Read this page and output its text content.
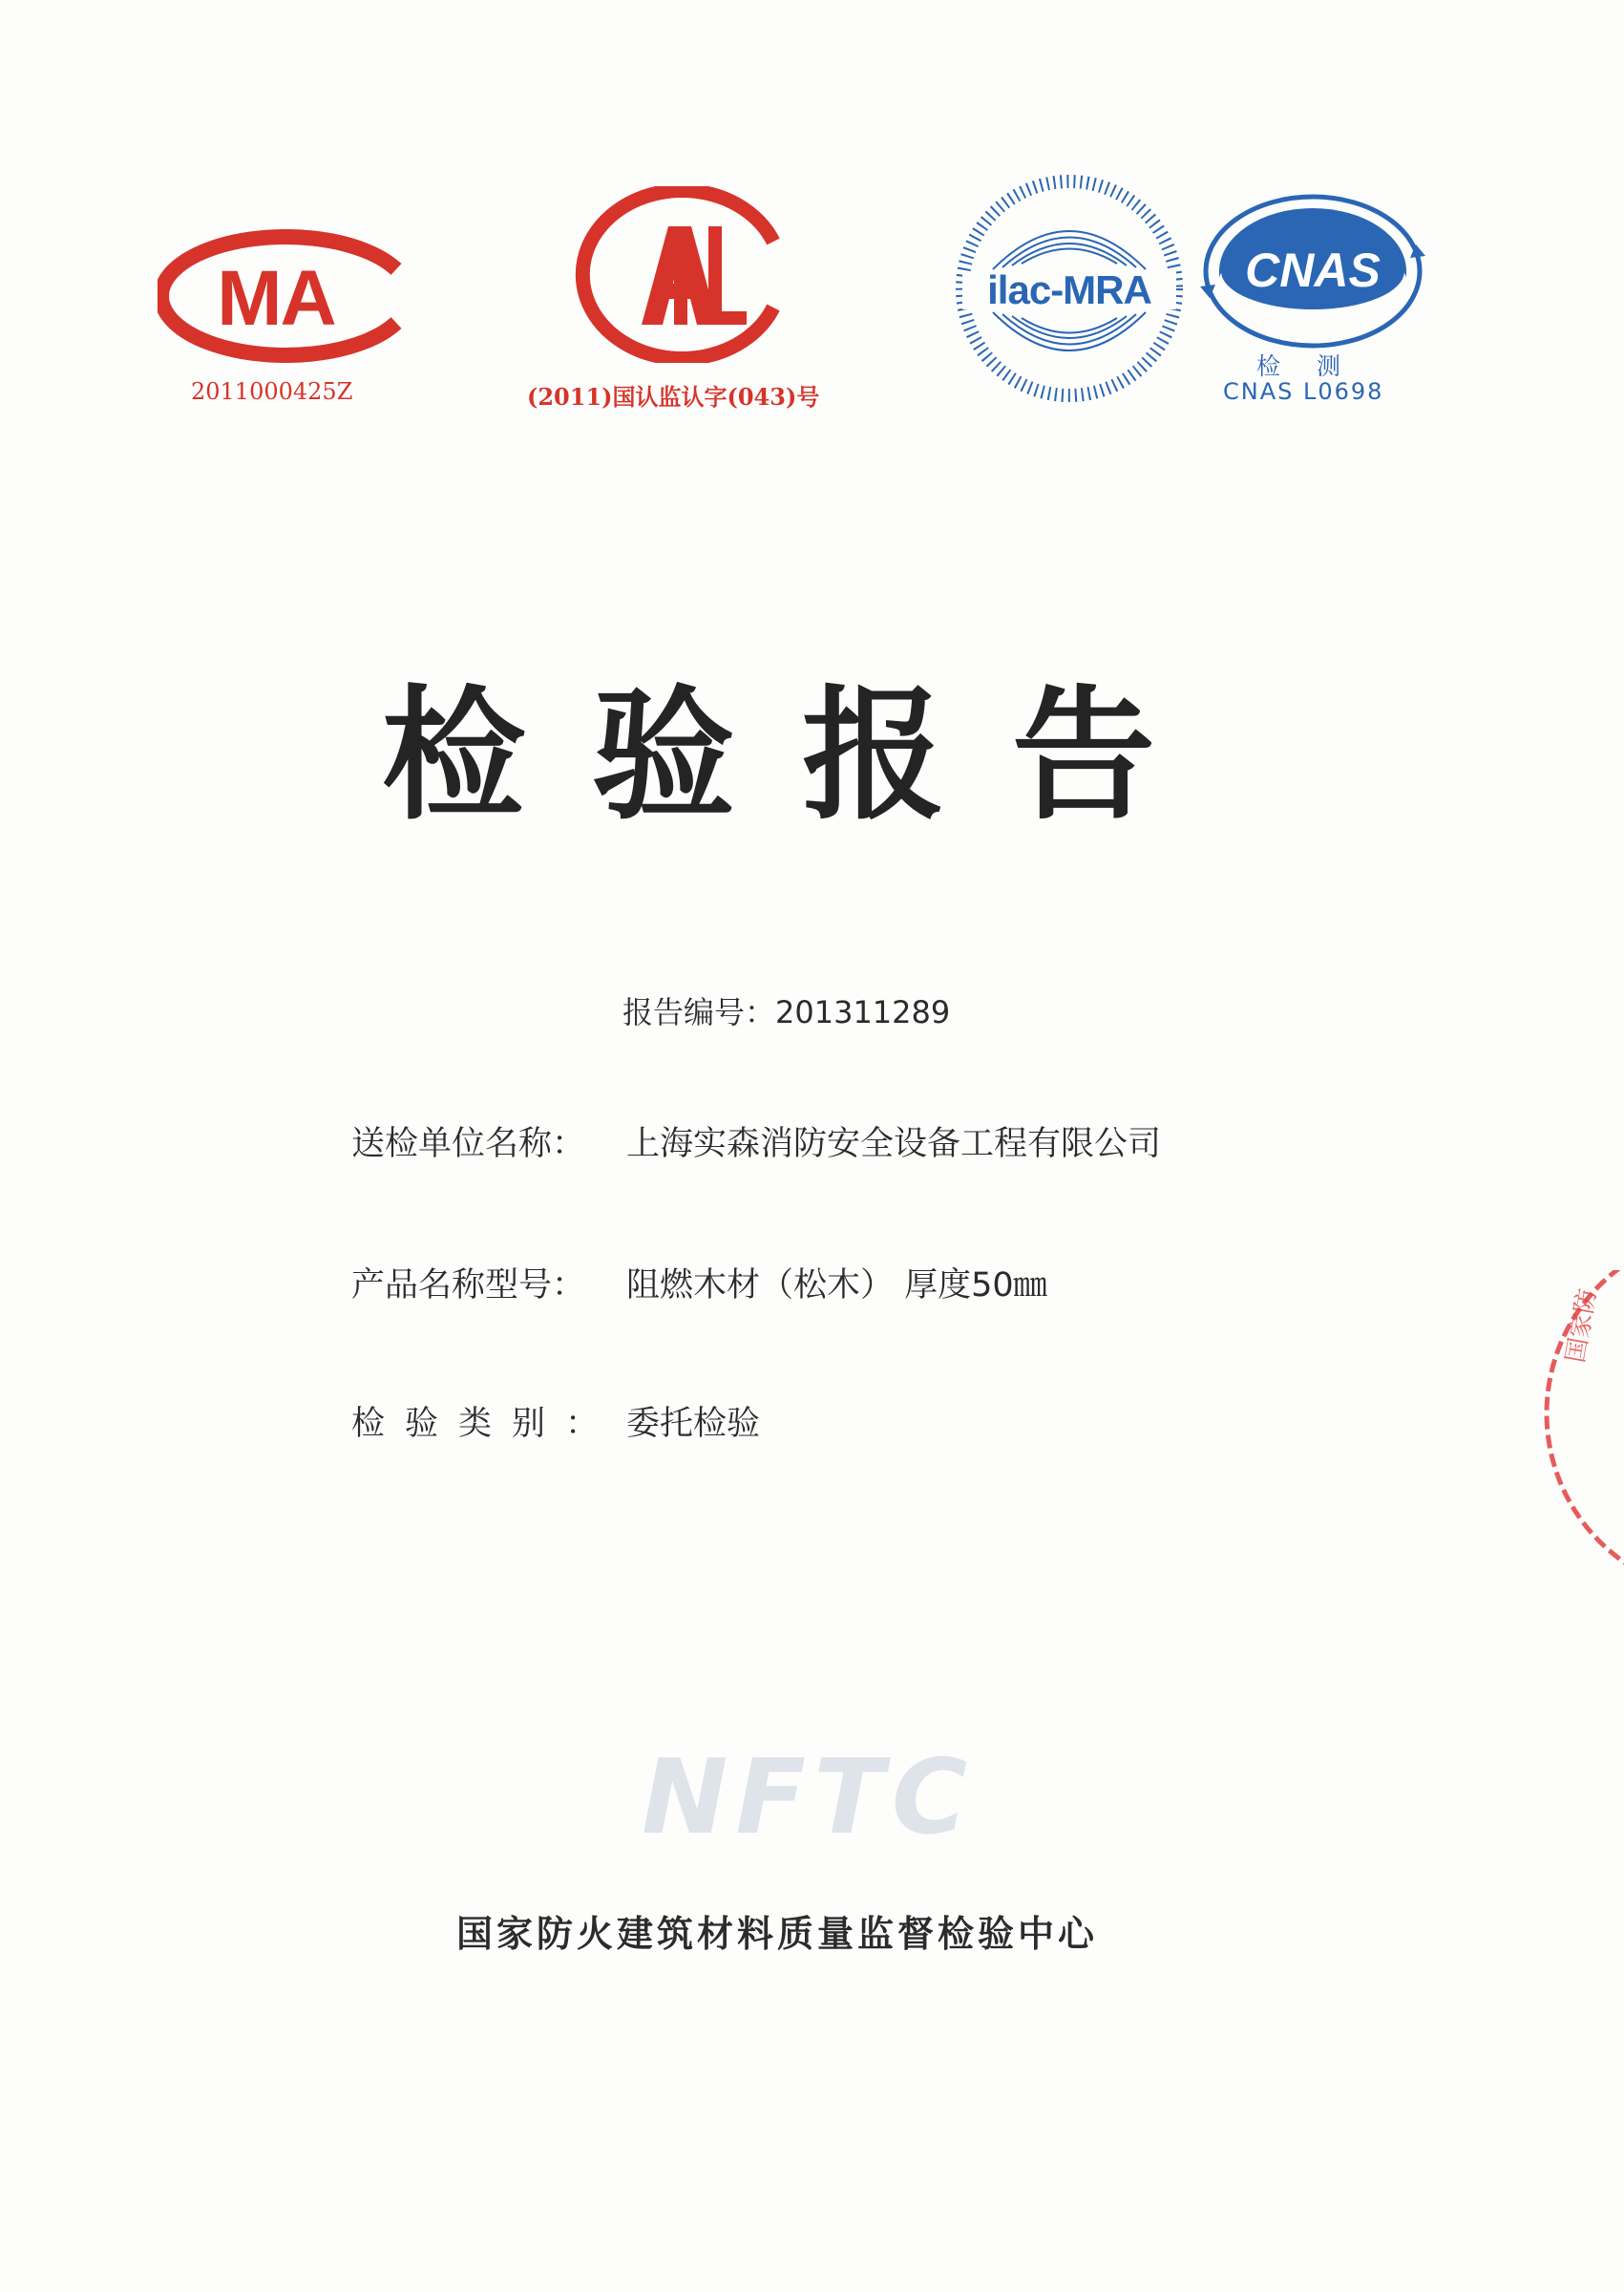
MA
2011000425Z	(2011)国认监认字(043)号
ilac-MRA CNAS
检测
CNAS L0698
检验报告
报告编号：201311289
送检单位名称： 上海实森消防安全设备工程有限公司
产品名称型号： 阻燃木材（松木） 厚度50㎜
检验类别： 委托检验
NFTC
国家防火建筑材料质量监督检验中心
国家防
